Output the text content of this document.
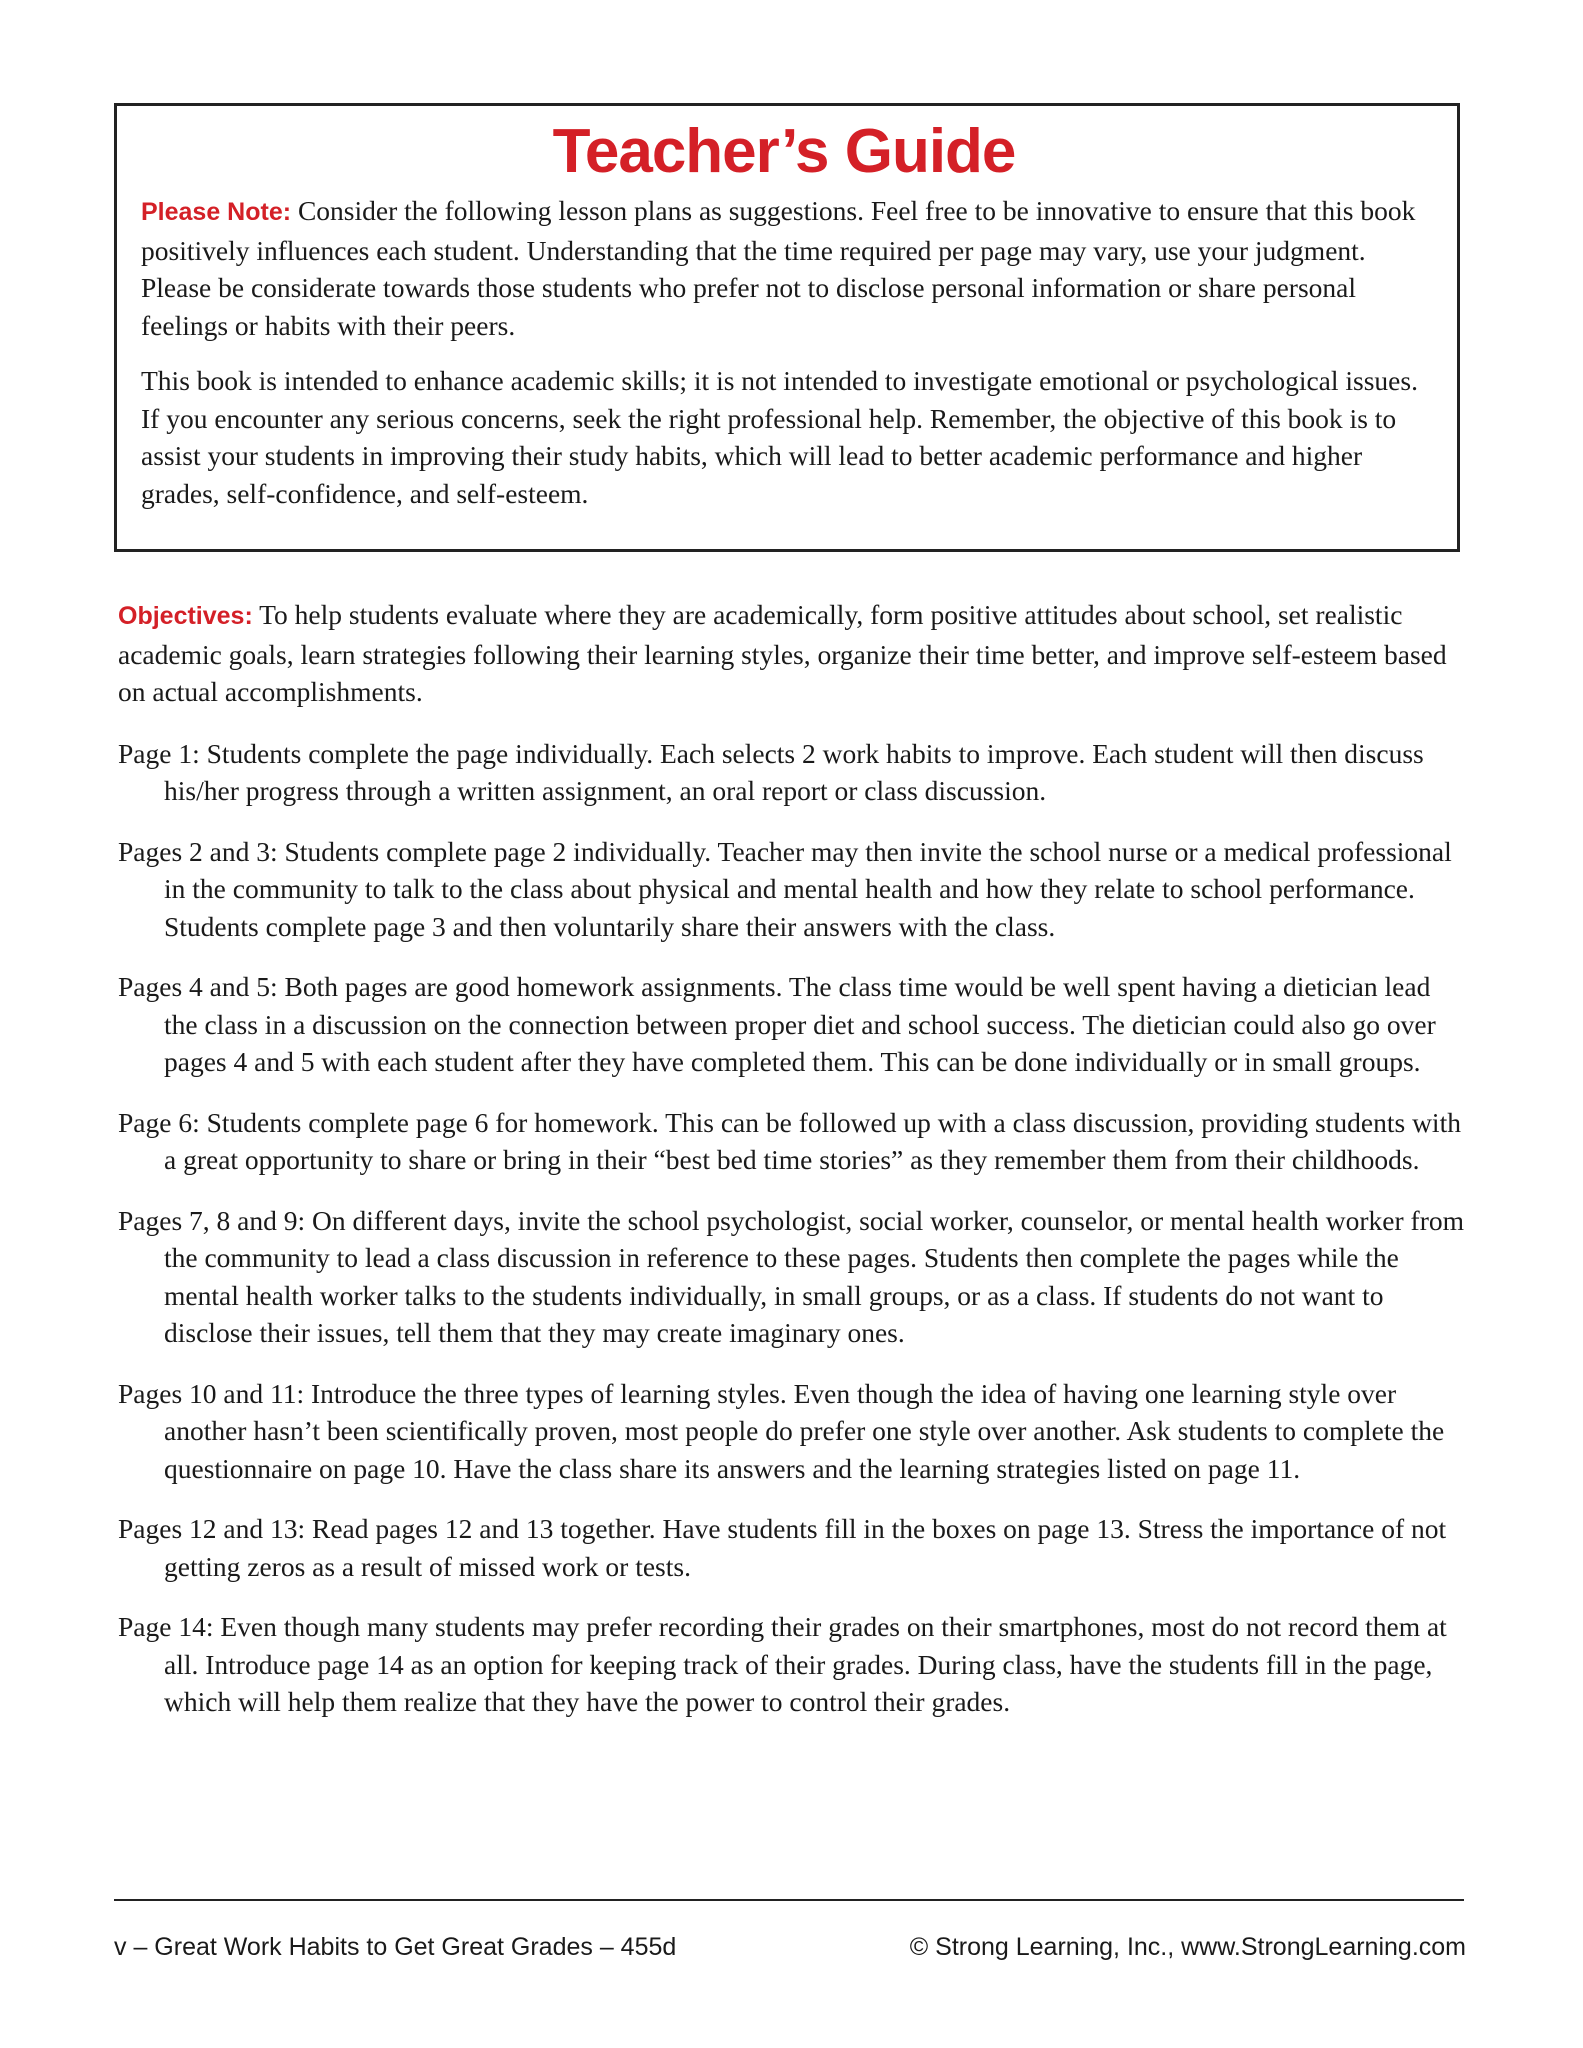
Teacher’s Guide

Please Note: Consider the following lesson plans as suggestions. Feel free to be innovative to ensure that this book positively influences each student. Understanding that the time required per page may vary, use your judgment. Please be considerate towards those students who prefer not to disclose personal information or share personal feelings or habits with their peers.

This book is intended to enhance academic skills; it is not intended to investigate emotional or psychological issues. If you encounter any serious concerns, seek the right professional help. Remember, the objective of this book is to assist your students in improving their study habits, which will lead to better academic performance and higher grades, self-confidence, and self-esteem.

Objectives: To help students evaluate where they are academically, form positive attitudes about school, set realistic academic goals, learn strategies following their learning styles, organize their time better, and improve self-esteem based on actual accomplishments.

Page 1: Students complete the page individually. Each selects 2 work habits to improve. Each student will then discuss his/her progress through a written assignment, an oral report or class discussion.

Pages 2 and 3: Students complete page 2 individually. Teacher may then invite the school nurse or a medical professional in the community to talk to the class about physical and mental health and how they relate to school performance. Students complete page 3 and then voluntarily share their answers with the class.

Pages 4 and 5: Both pages are good homework assignments. The class time would be well spent having a dietician lead the class in a discussion on the connection between proper diet and school success. The dietician could also go over pages 4 and 5 with each student after they have completed them. This can be done individually or in small groups.

Page 6: Students complete page 6 for homework. This can be followed up with a class discussion, providing students with a great opportunity to share or bring in their “best bed time stories” as they remember them from their childhoods.

Pages 7, 8 and 9: On different days, invite the school psychologist, social worker, counselor, or mental health worker from the community to lead a class discussion in reference to these pages. Students then complete the pages while the mental health worker talks to the students individually, in small groups, or as a class. If students do not want to disclose their issues, tell them that they may create imaginary ones.

Pages 10 and 11: Introduce the three types of learning styles. Even though the idea of having one learning style over another hasn’t been scientifically proven, most people do prefer one style over another. Ask students to complete the questionnaire on page 10. Have the class share its answers and the learning strategies listed on page 11.

Pages 12 and 13: Read pages 12 and 13 together. Have students fill in the boxes on page 13. Stress the importance of not getting zeros as a result of missed work or tests.

Page 14: Even though many students may prefer recording their grades on their smartphones, most do not record them at all. Introduce page 14 as an option for keeping track of their grades. During class, have the students fill in the page, which will help them realize that they have the power to control their grades.

v – Great Work Habits to Get Great Grades – 455d	© Strong Learning, Inc., www.StrongLearning.com
